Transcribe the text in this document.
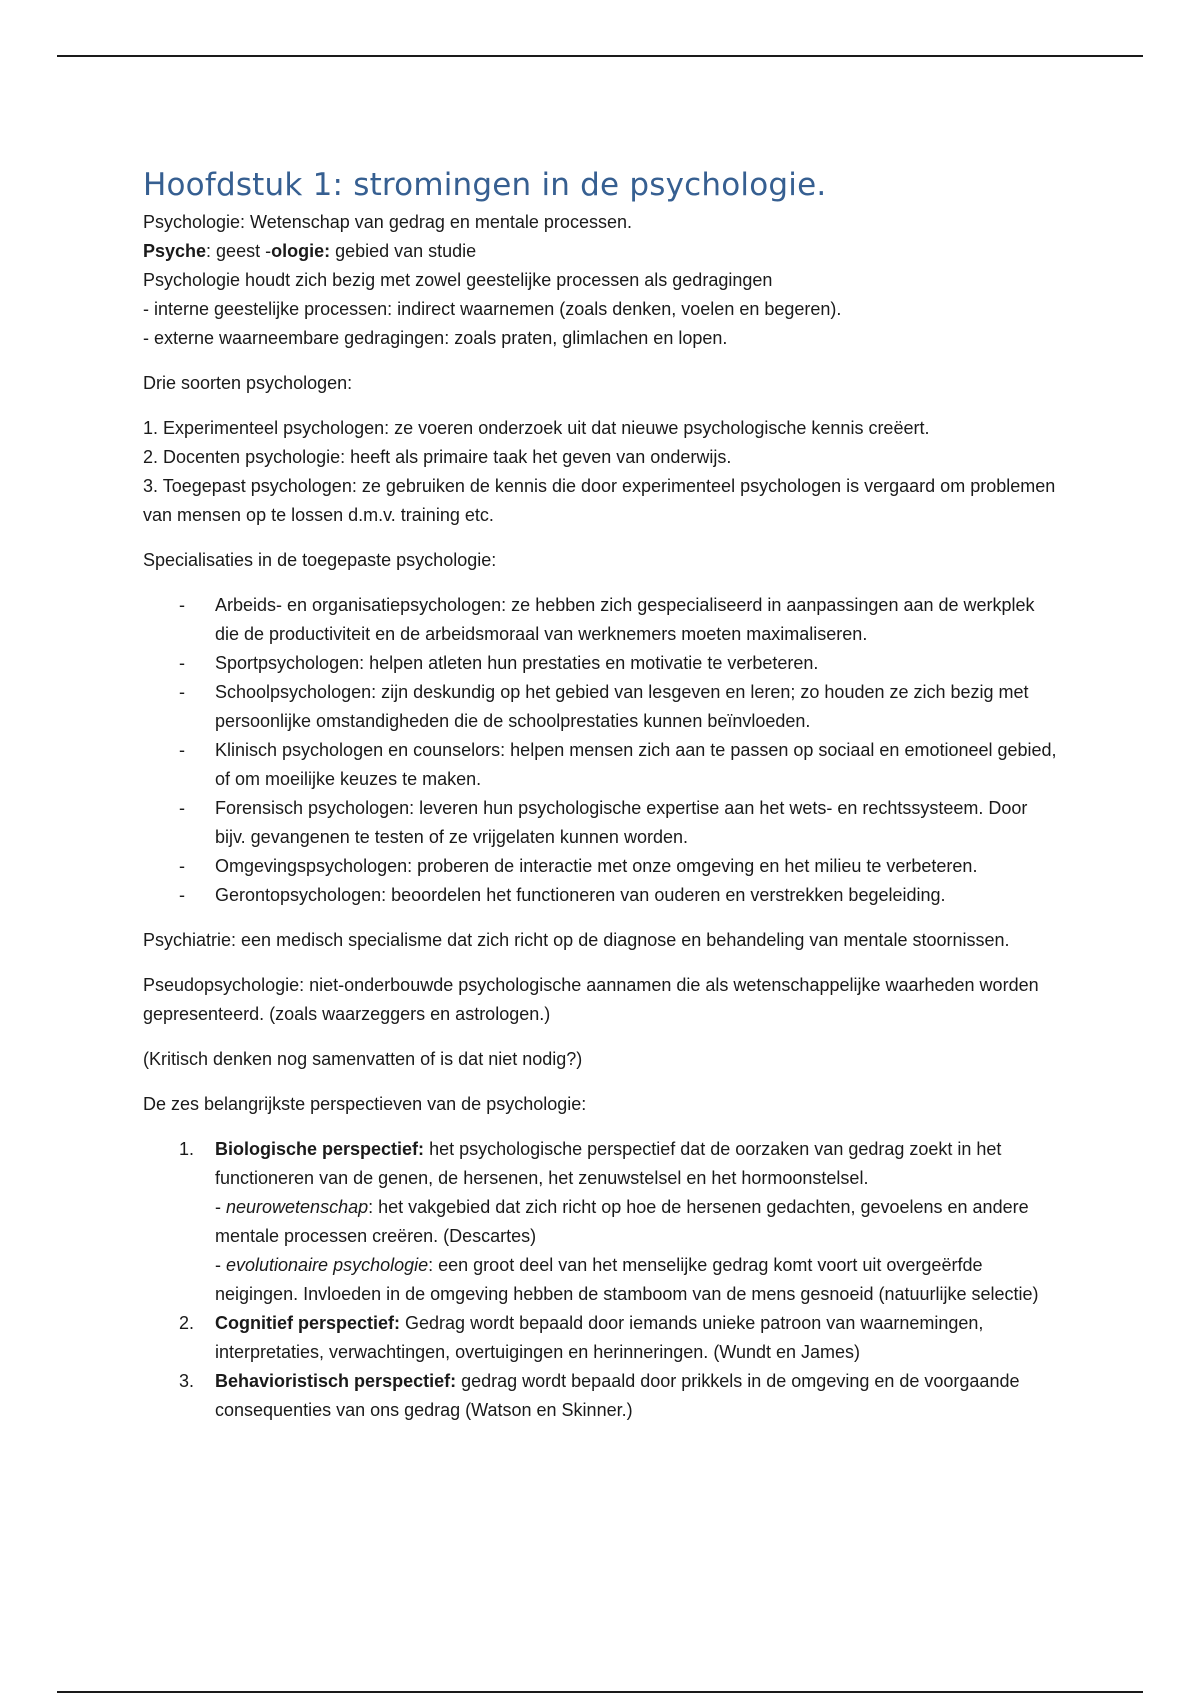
Hoofdstuk 1: stromingen in de psychologie.
Psychologie: Wetenschap van gedrag en mentale processen.
Psyche: geest -ologie: gebied van studie
Psychologie houdt zich bezig met zowel geestelijke processen als gedragingen
- interne geestelijke processen: indirect waarnemen (zoals denken, voelen en begeren).
- externe waarneembare gedragingen: zoals praten, glimlachen en lopen.
Drie soorten psychologen:
1. Experimenteel psychologen: ze voeren onderzoek uit dat nieuwe psychologische kennis creëert.
2. Docenten psychologie: heeft als primaire taak het geven van onderwijs.
3. Toegepast psychologen: ze gebruiken de kennis die door experimenteel psychologen is vergaard om problemen van mensen op te lossen d.m.v. training etc.
Specialisaties in de toegepaste psychologie:
- Arbeids- en organisatiepsychologen: ze hebben zich gespecialiseerd in aanpassingen aan de werkplek die de productiviteit en de arbeidsmoraal van werknemers moeten maximaliseren.
- Sportpsychologen: helpen atleten hun prestaties en motivatie te verbeteren.
- Schoolpsychologen: zijn deskundig op het gebied van lesgeven en leren; zo houden ze zich bezig met persoonlijke omstandigheden die de schoolprestaties kunnen beïnvloeden.
- Klinisch psychologen en counselors: helpen mensen zich aan te passen op sociaal en emotioneel gebied, of om moeilijke keuzes te maken.
- Forensisch psychologen: leveren hun psychologische expertise aan het wets- en rechtssysteem. Door bijv. gevangenen te testen of ze vrijgelaten kunnen worden.
- Omgevingspsychologen: proberen de interactie met onze omgeving en het milieu te verbeteren.
- Gerontopsychologen: beoordelen het functioneren van ouderen en verstrekken begeleiding.
Psychiatrie: een medisch specialisme dat zich richt op de diagnose en behandeling van mentale stoornissen.
Pseudopsychologie: niet-onderbouwde psychologische aannamen die als wetenschappelijke waarheden worden gepresenteerd. (zoals waarzeggers en astrologen.)
(Kritisch denken nog samenvatten of is dat niet nodig?)
De zes belangrijkste perspectieven van de psychologie:
1. Biologische perspectief: het psychologische perspectief dat de oorzaken van gedrag zoekt in het functioneren van de genen, de hersenen, het zenuwstelsel en het hormoonstelsel.
- neurowetenschap: het vakgebied dat zich richt op hoe de hersenen gedachten, gevoelens en andere mentale processen creëren. (Descartes)
- evolutionaire psychologie: een groot deel van het menselijke gedrag komt voort uit overgeërfde neigingen. Invloeden in de omgeving hebben de stamboom van de mens gesnoeid (natuurlijke selectie)
2. Cognitief perspectief: Gedrag wordt bepaald door iemands unieke patroon van waarnemingen, interpretaties, verwachtingen, overtuigingen en herinneringen. (Wundt en James)
3. Behavioristisch perspectief: gedrag wordt bepaald door prikkels in de omgeving en de voorgaande consequenties van ons gedrag (Watson en Skinner.)
